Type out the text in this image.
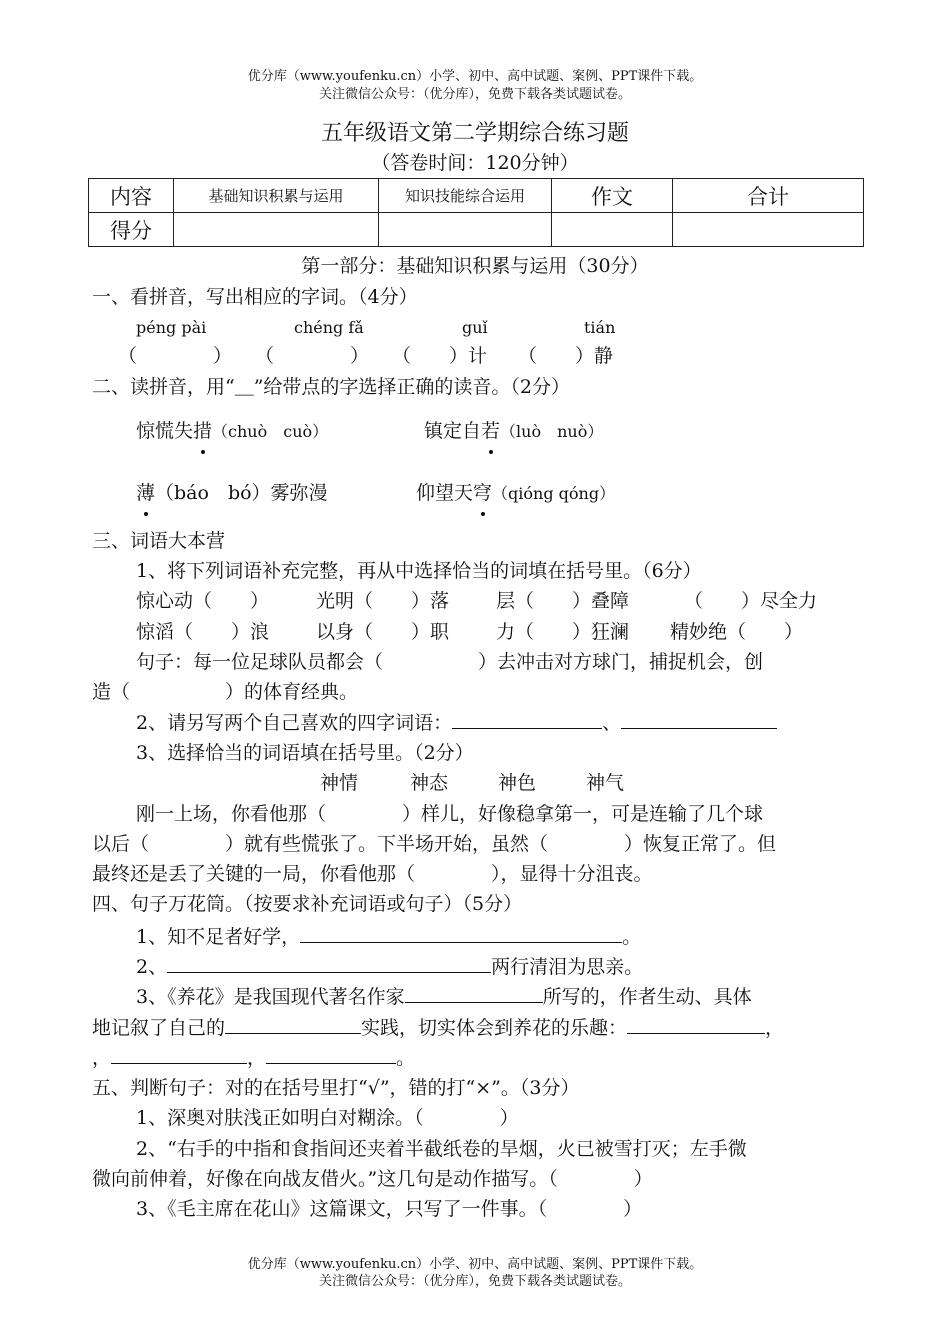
优分库（www.youfenku.cn）小学、初中、高中试题、案例、PPT课件下载。
关注微信公众号：（优分库），免费下载各类试题试卷。
五年级语文第二学期综合练习题
（答卷时间：120分钟）
内容	基础知识积累与运用	知识技能综合运用	作文	合计
得分				
第一部分：基础知识积累与运用（30分）
一、看拼音，写出相应的字词。（4分）
péng pài	chéng fǎ	guǐ	tián
（　　　　） （　　　　） （　　）计 （　　）静
二、读拼音，用“＿”给带点的字选择正确的读音。（2分）
惊慌失措（chuò　cuò）	镇定自若（luò　nuò）
薄（báo　bó）雾弥漫	仰望天穹（qióng qóng）
三、词语大本营
1、将下列词语补充完整，再从中选择恰当的词填在括号里。（6分）
惊心动（　　） 光明（　　）落 层（　　）叠障	（　　）尽全力
惊滔（　　）浪 以身（　　）职 力（　　）狂澜 精妙绝（　　）
句子：每一位足球队员都会（　　　　　）去冲击对方球门，捕捉机会，创
造（　　　　　）的体育经典。
2、请另写两个自己喜欢的四字词语：	、
3、选择恰当的词语填在括号里。（2分）
神情	神态	神色	神气
刚一上场，你看他那（　　　　）样儿，好像稳拿第一，可是连输了几个球
以后（　　　　）就有些慌张了。下半场开始，虽然（　　　　）恢复正常了。但
最终还是丢了关键的一局，你看他那（　　　　），显得十分沮丧。
四、句子万花筒。（按要求补充词语或句子）（5分）
1、知不足者好学，	。
2、	两行清泪为思亲。
3、《养花》是我国现代著名作家	所写的，作者生动、具体
地记叙了自己的	实践，切实体会到养花的乐趣：	，
，	，	。
五、判断句子：对的在括号里打“√”，错的打“×”。（3分）
1、深奥对肤浅正如明白对糊涂。（　　　　）
2、“右手的中指和食指间还夹着半截纸卷的旱烟，火已被雪打灭；左手微
微向前伸着，好像在向战友借火。”这几句是动作描写。（　　　　）
3、《毛主席在花山》这篇课文，只写了一件事。（　　　　）
优分库（www.youfenku.cn）小学、初中、高中试题、案例、PPT课件下载。
关注微信公众号：（优分库），免费下载各类试题试卷。
